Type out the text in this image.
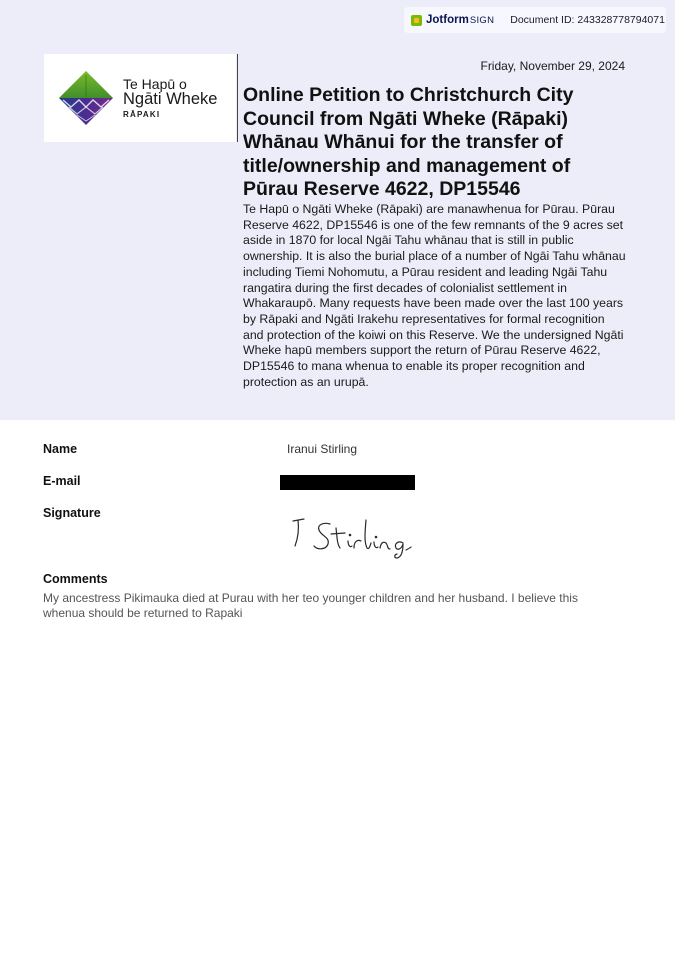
Jotform SIGN Document ID: 243328778794071
Te Hapū o
Ngāti Wheke
RĀPAKI
Friday, November 29, 2024
Online Petition to Christchurch City Council from Ngāti Wheke (Rāpaki) Whānau Whānui for the transfer of title/ownership and management of Pūrau Reserve 4622, DP15546

Te Hapū o Ngāti Wheke (Rāpaki) are manawhenua for Pūrau. Pūrau Reserve 4622, DP15546 is one of the few remnants of the 9 acres set aside in 1870 for local Ngāi Tahu whānau that is still in public ownership. It is also the burial place of a number of Ngāi Tahu whānau including Tiemi Nohomutu, a Pūrau resident and leading Ngāi Tahu rangatira during the first decades of colonialist settlement in Whakaraupō. Many requests have been made over the last 100 years by Rāpaki and Ngāti Irakehu representatives for formal recognition and protection of the koiwi on this Reserve. We the undersigned Ngāti Wheke hapū members support the return of Pūrau Reserve 4622, DP15546 to mana whenua to enable its proper recognition and protection as an urupā.

Name	Iranui Stirling
E-mail
Signature
Comments
My ancestress Pikimauka died at Purau with her teo younger children and her husband. I believe this whenua should be returned to Rapaki
